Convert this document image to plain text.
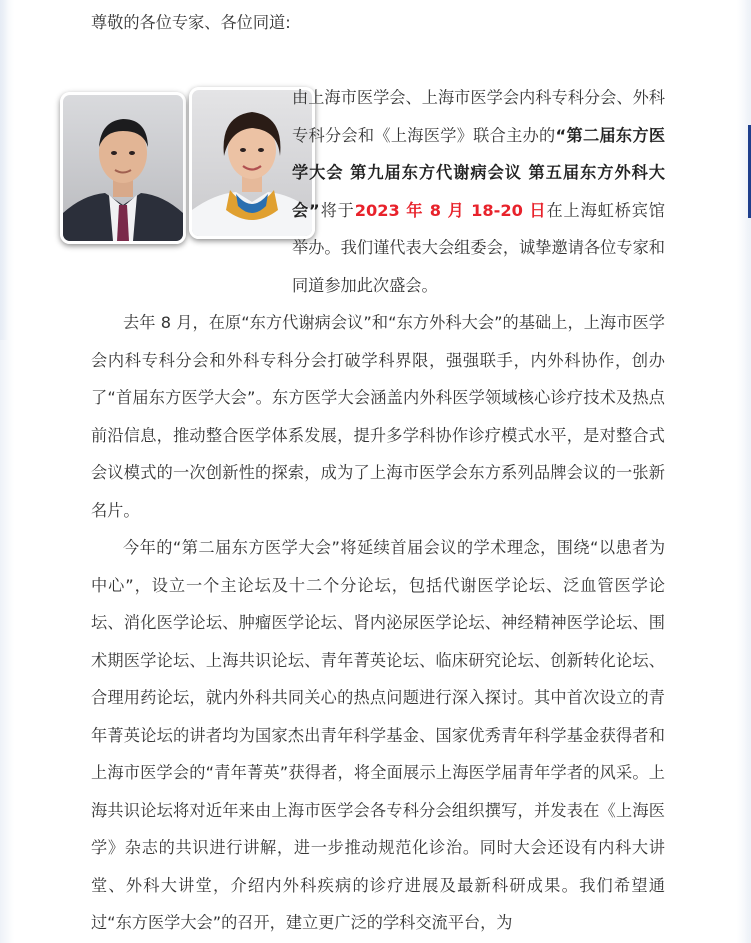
尊敬的各位专家、各位同道:

由上海市医学会、上海市医学会内科专科分会、外科专科分会和《上海医学》联合主办的“第二届东方医学大会 第九届东方代谢病会议 第五届东方外科大会”将于2023 年 8 月 18-20 日在上海虹桥宾馆举办。我们谨代表大会组委会，诚挚邀请各位专家和同道参加此次盛会。

去年 8 月，在原“东方代谢病会议”和“东方外科大会”的基础上，上海市医学会内科专科分会和外科专科分会打破学科界限，强强联手，内外科协作，创办了“首届东方医学大会”。东方医学大会涵盖内外科医学领域核心诊疗技术及热点前沿信息，推动整合医学体系发展，提升多学科协作诊疗模式水平，是对整合式会议模式的一次创新性的探索，成为了上海市医学会东方系列品牌会议的一张新名片。

今年的“第二届东方医学大会”将延续首届会议的学术理念，围绕“以患者为中心”，设立一个主论坛及十二个分论坛，包括代谢医学论坛、泛血管医学论坛、消化医学论坛、肿瘤医学论坛、肾内泌尿医学论坛、神经精神医学论坛、围术期医学论坛、上海共识论坛、青年菁英论坛、临床研究论坛、创新转化论坛、合理用药论坛，就内外科共同关心的热点问题进行深入探讨。其中首次设立的青年菁英论坛的讲者均为国家杰出青年科学基金、国家优秀青年科学基金获得者和上海市医学会的“青年菁英”获得者，将全面展示上海医学届青年学者的风采。上海共识论坛将对近年来由上海市医学会各专科分会组织撰写，并发表在《上海医学》杂志的共识进行讲解，进一步推动规范化诊治。同时大会还设有内科大讲堂、外科大讲堂，介绍内外科疾病的诊疗进展及最新科研成果。我们希望通过“东方医学大会”的召开，建立更广泛的学科交流平台，为
